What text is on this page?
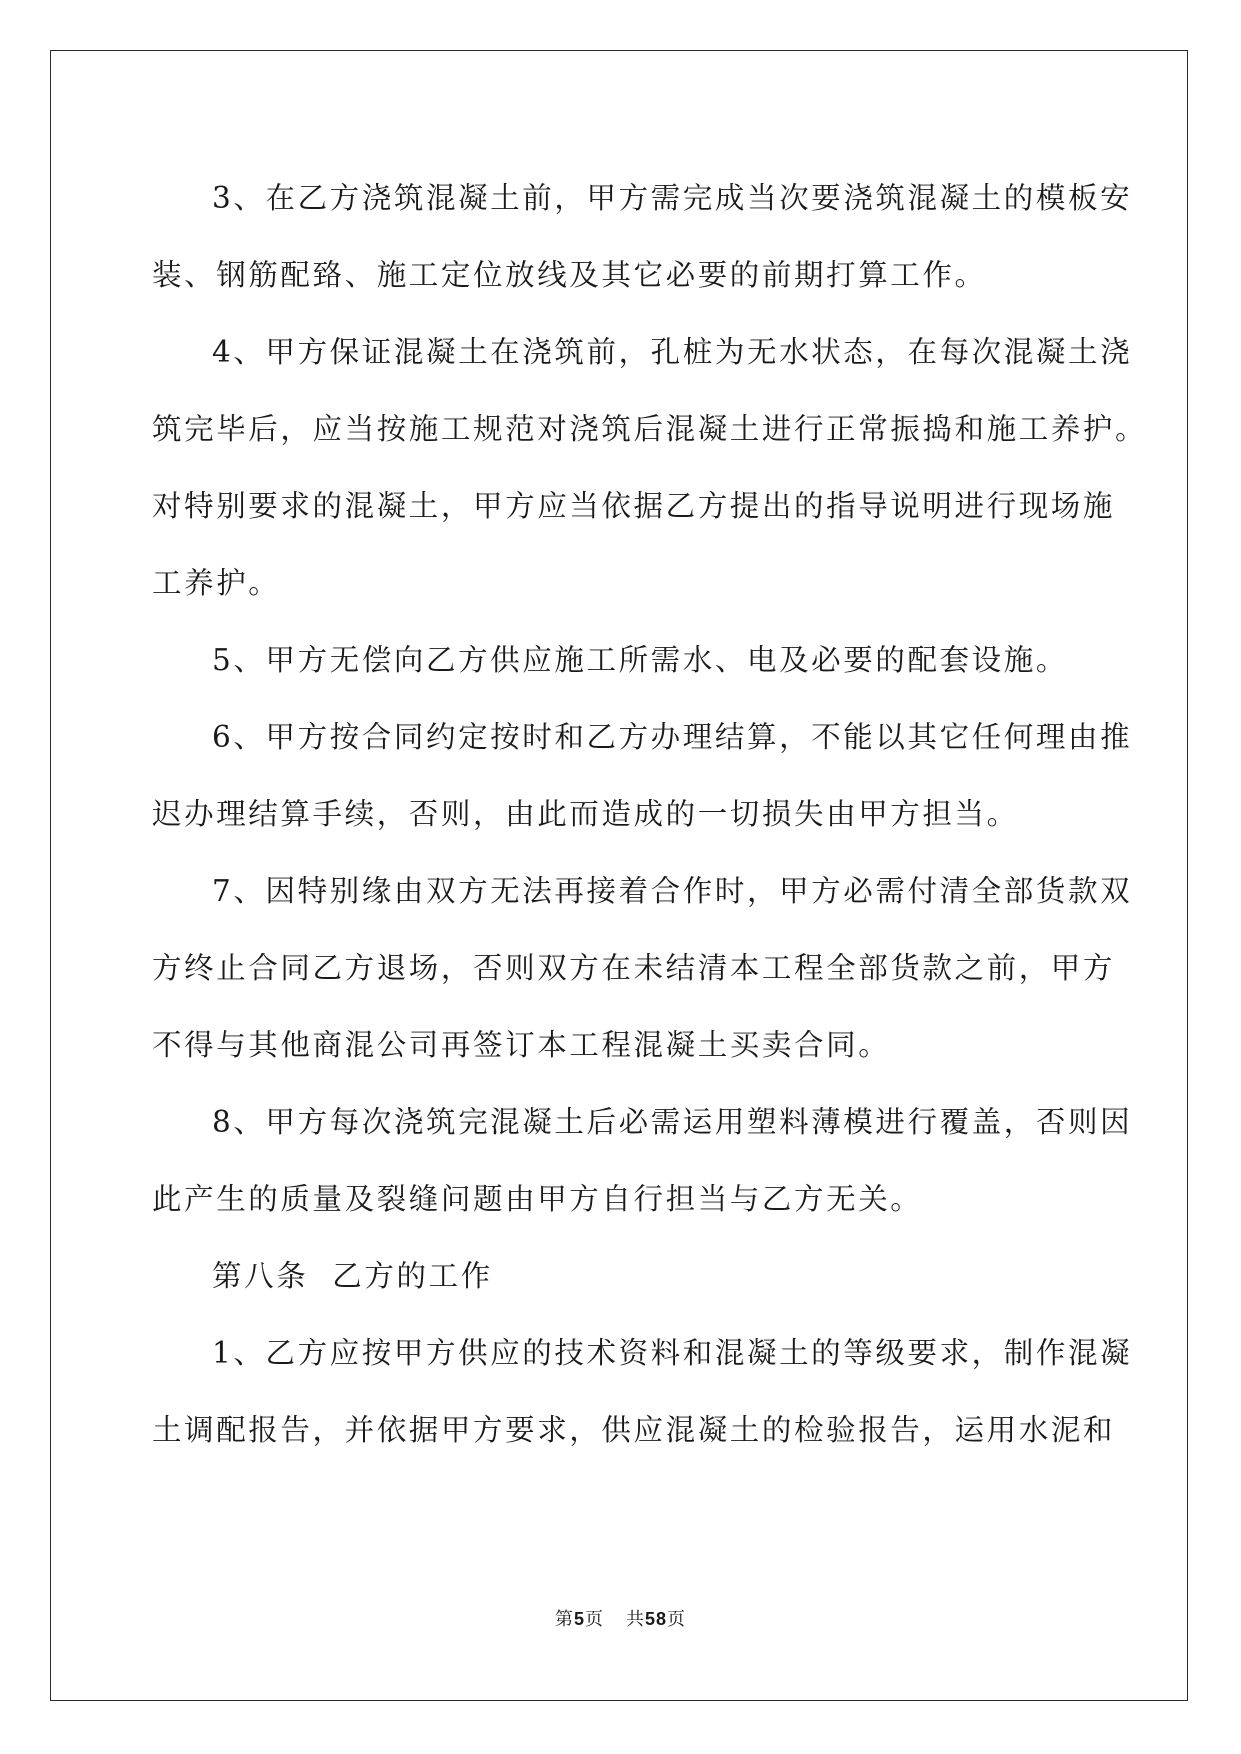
3、在乙方浇筑混凝土前，甲方需完成当次要浇筑混凝土的模板安
装、钢筋配臵、施工定位放线及其它必要的前期打算工作。

4、甲方保证混凝土在浇筑前，孔桩为无水状态，在每次混凝土浇
筑完毕后，应当按施工规范对浇筑后混凝土进行正常振捣和施工养护。
对特别要求的混凝土，甲方应当依据乙方提出的指导说明进行现场施
工养护。

5、甲方无偿向乙方供应施工所需水、电及必要的配套设施。

6、甲方按合同约定按时和乙方办理结算，不能以其它任何理由推
迟办理结算手续，否则，由此而造成的一切损失由甲方担当。

7、因特别缘由双方无法再接着合作时，甲方必需付清全部货款双
方终止合同乙方退场，否则双方在未结清本工程全部货款之前，甲方
不得与其他商混公司再签订本工程混凝土买卖合同。

8、甲方每次浇筑完混凝土后必需运用塑料薄模进行覆盖，否则因
此产生的质量及裂缝问题由甲方自行担当与乙方无关。

第八条  乙方的工作

1、乙方应按甲方供应的技术资料和混凝土的等级要求，制作混凝
土调配报告，并依据甲方要求，供应混凝土的检验报告，运用水泥和

第5页 共58页
